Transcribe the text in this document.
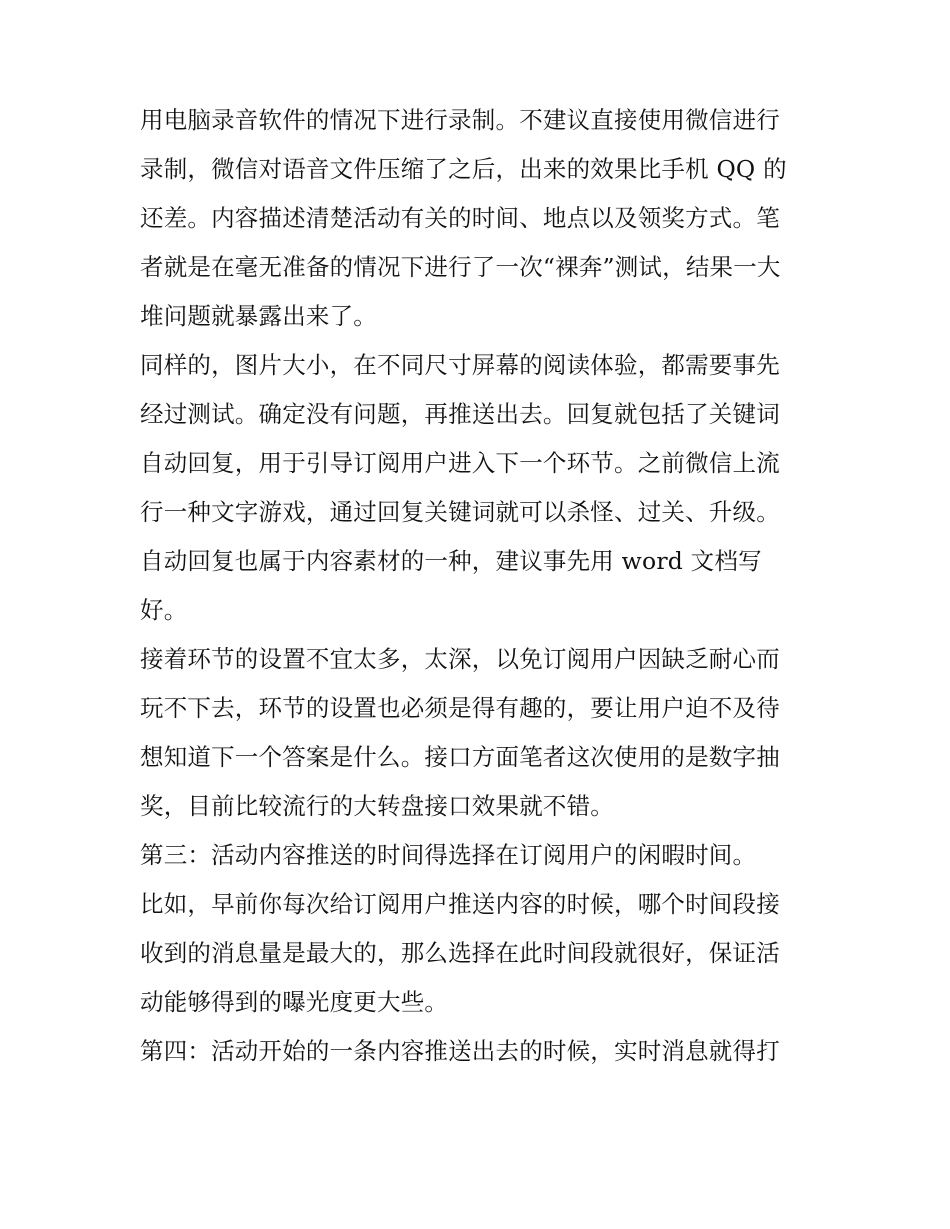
用电脑录音软件的情况下进行录制。不建议直接使用微信进行
录制，微信对语音文件压缩了之后，出来的效果比手机 QQ 的
还差。内容描述清楚活动有关的时间、地点以及领奖方式。笔
者就是在毫无准备的情况下进行了一次“裸奔”测试，结果一大
堆问题就暴露出来了。
同样的，图片大小，在不同尺寸屏幕的阅读体验，都需要事先
经过测试。确定没有问题，再推送出去。回复就包括了关键词
自动回复，用于引导订阅用户进入下一个环节。之前微信上流
行一种文字游戏，通过回复关键词就可以杀怪、过关、升级。
自动回复也属于内容素材的一种，建议事先用 word 文档写
好。
接着环节的设置不宜太多，太深，以免订阅用户因缺乏耐心而
玩不下去，环节的设置也必须是得有趣的，要让用户迫不及待
想知道下一个答案是什么。接口方面笔者这次使用的是数字抽
奖，目前比较流行的大转盘接口效果就不错。
第三：活动内容推送的时间得选择在订阅用户的闲暇时间。
比如，早前你每次给订阅用户推送内容的时候，哪个时间段接
收到的消息量是最大的，那么选择在此时间段就很好，保证活
动能够得到的曝光度更大些。
第四：活动开始的一条内容推送出去的时候，实时消息就得打
